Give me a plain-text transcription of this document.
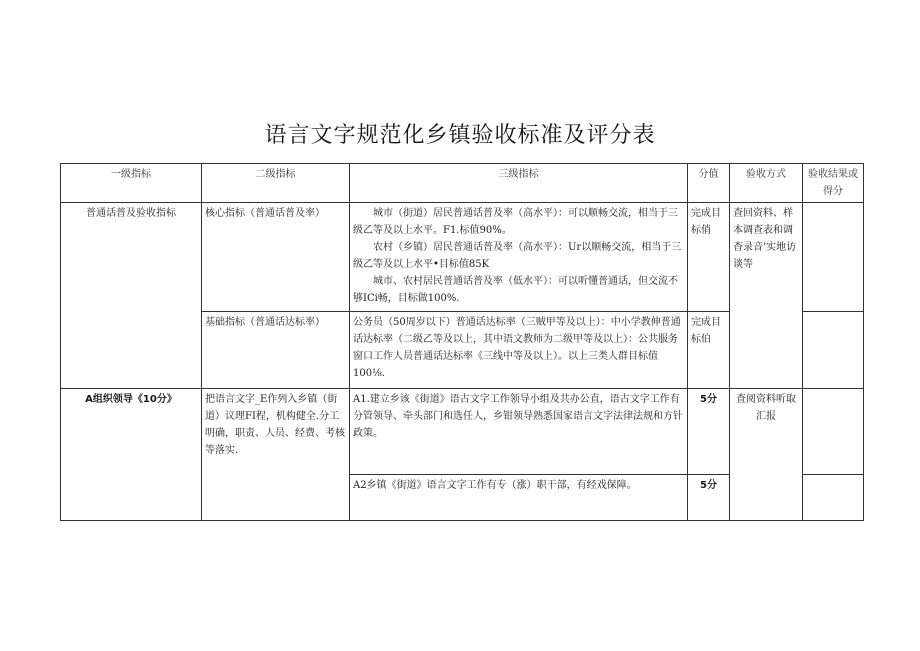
语言文字规范化乡镇验收标准及评分表
一级指标	二级指标	三级指标	分值	验收方式	验收结果或得分
普通话普及验收指标	核心指标（普通话普及率）	城市（街道）居民普通话普及率（高水平）：可以顺畅交流，相当于三级乙等及以上水平。F1.标值90%。

农村（乡镇）居民普通话普及率（高水平）：Ur以顺畅交流，相当于三级乙等及以上水平•目标值85K

城市、农村居民普通话普及率（低水平）：可以听懂普通话，但交流不够ICi畅，目标做100%.	完成目标俏	查回资料、样本调查表和调杳录音’实地访谈等	
	基础指标（普通话达标率）	公务员（50周岁以下）普通话达标率（三贼甲等及以上）：中小学教伸普通话达标率（二级乙等及以上，其中语文教师为二级甲等及以上）：公共服务窗口工作人员普通话达标率《三线中等及以上）。以上三类人群目标值100⅛.	完成目标伯		
A组织领导《10分》	把语言文字_E作列入乡镇（街道）议理FI程，机构健全.分工明确，职责、人员、经费、考核等落实.	A1.建立乡该《街道》语古文字工作领导小组及共办公直，语古文字工作有分管领导、牵头部门和选任人，乡钳领导熟悉国家语言文字法律法规和方针政策。	5分	査阅资料听取汇报	
		A2乡镇《街道》语言文字工作有专（涨）职干部，有经戏保障。	5分		
